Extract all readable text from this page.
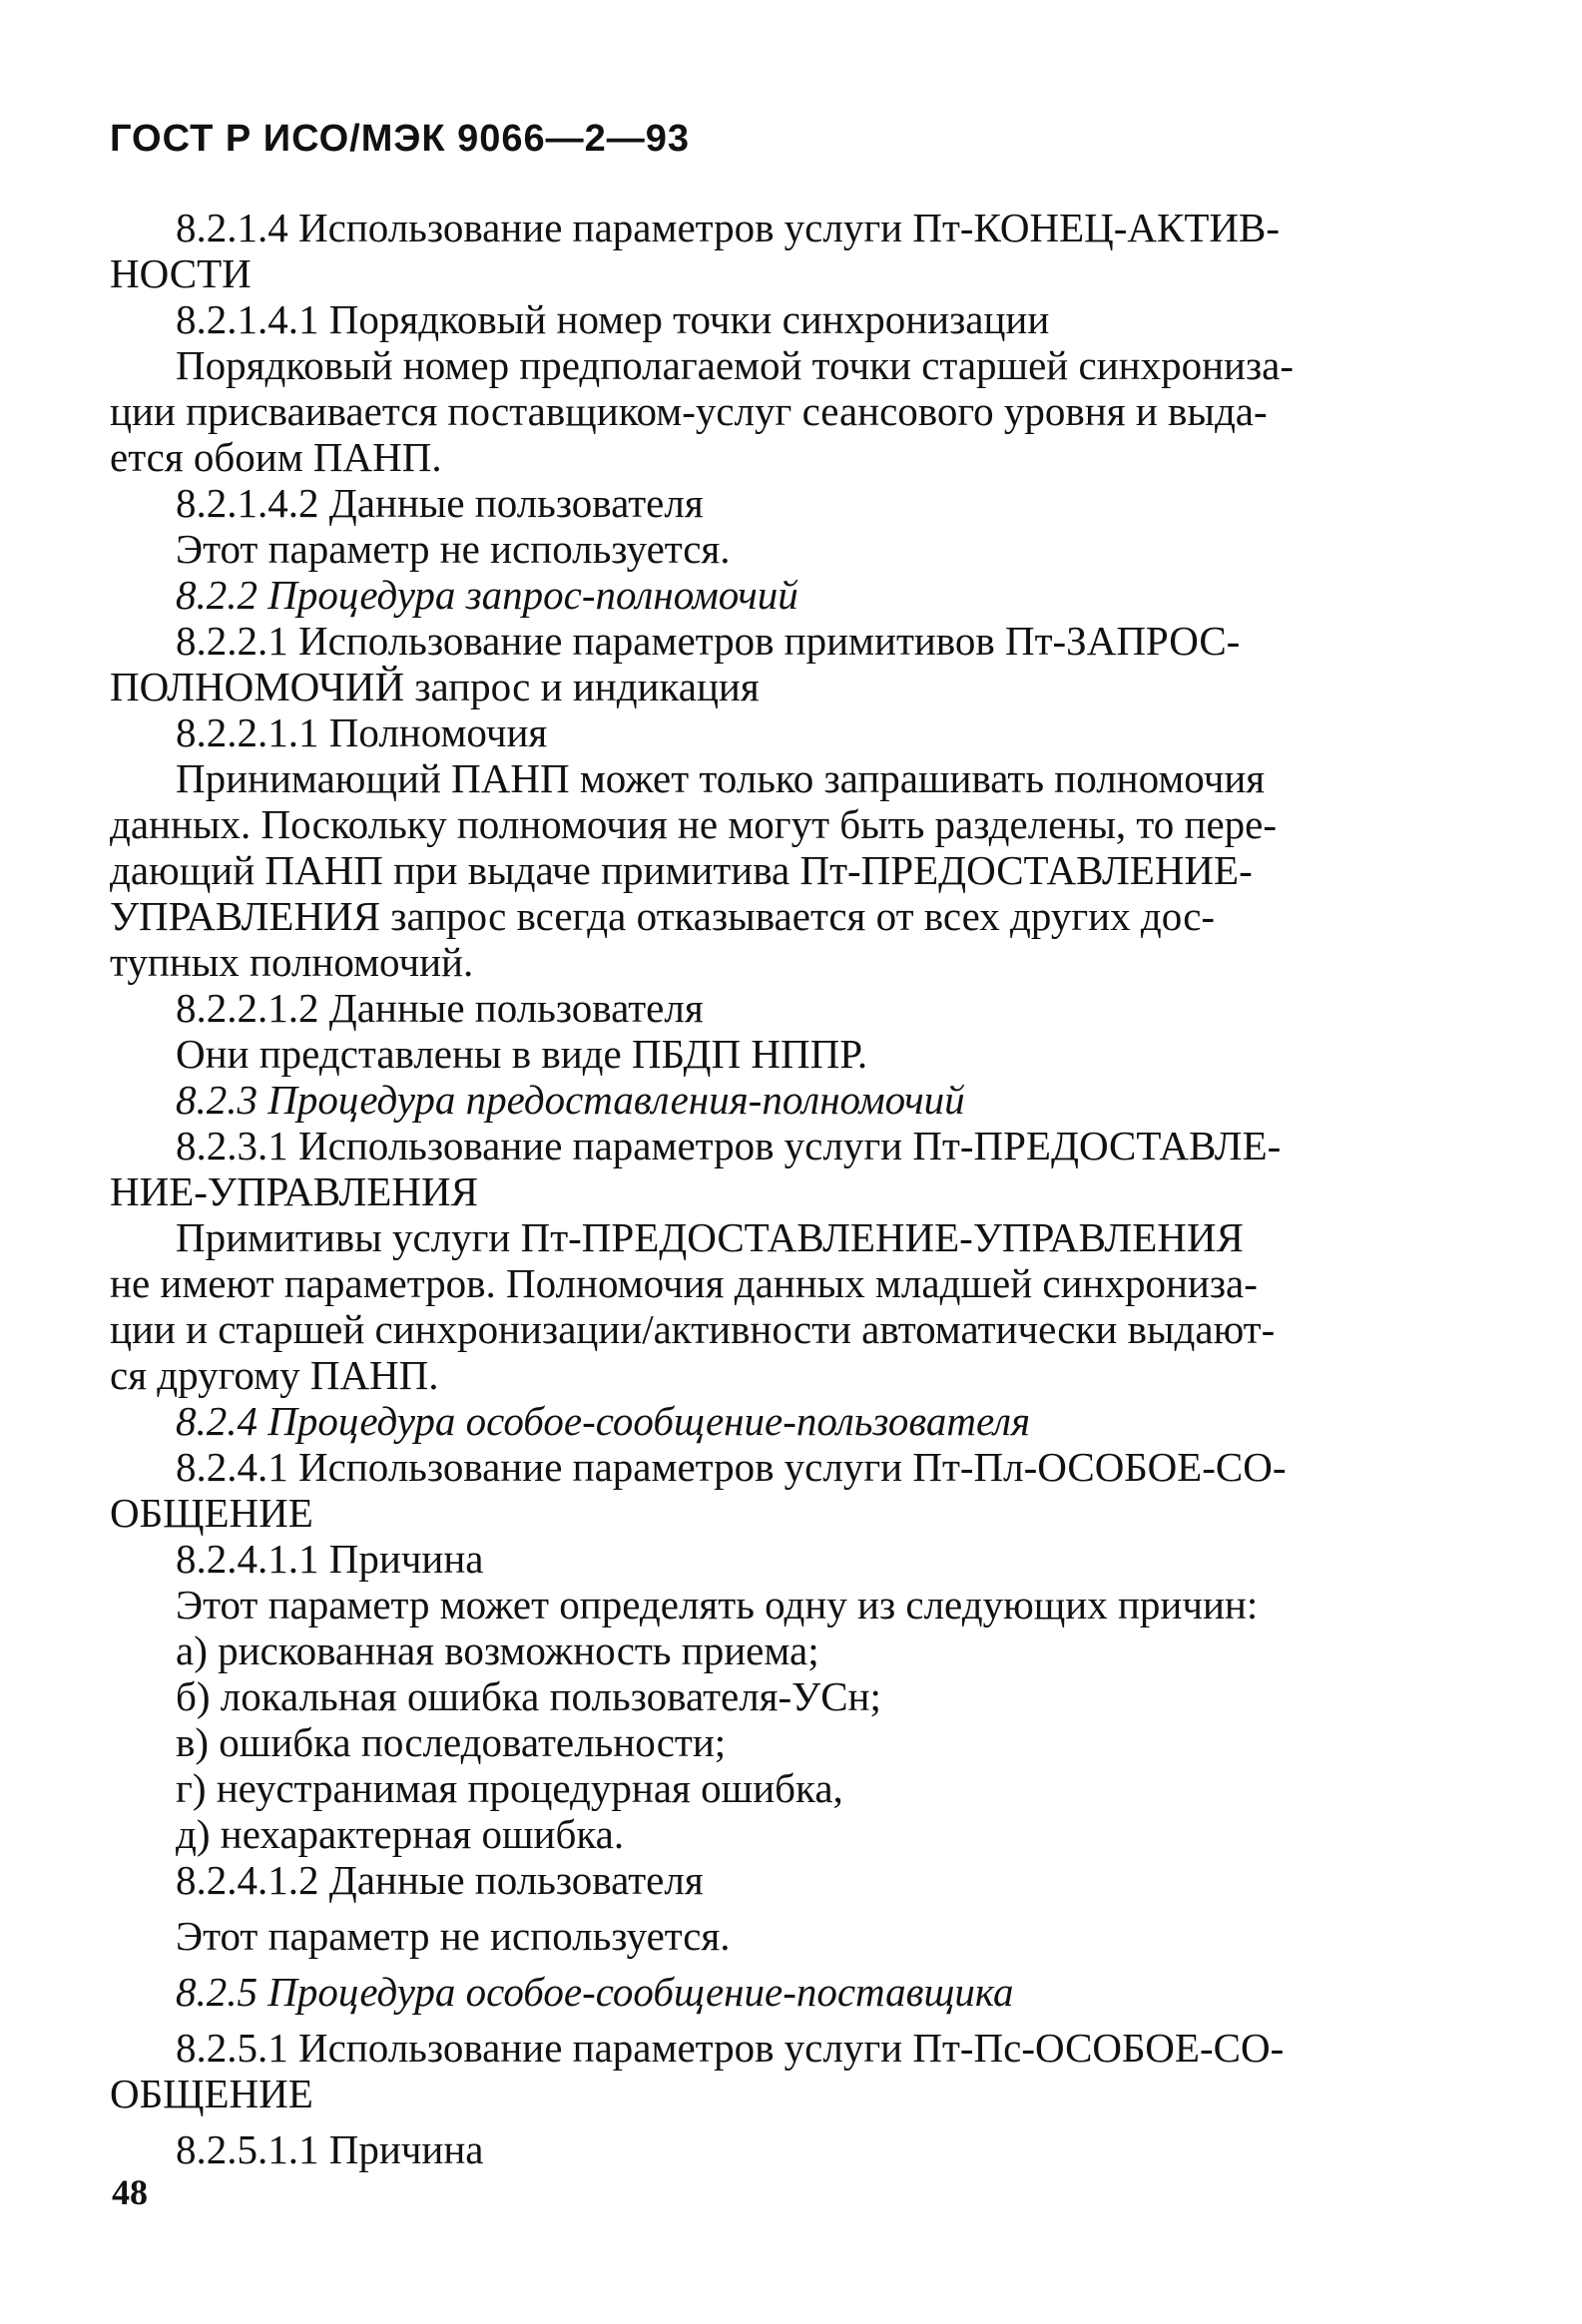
ГОСТ Р ИСО/МЭК 9066—2—93
8.2.1.4 Использование параметров услуги Пт-КОНЕЦ-АКТИВ-
НОСТИ
8.2.1.4.1 Порядковый номер точки синхронизации
Порядковый номер предполагаемой точки старшей синхрониза-
ции присваивается поставщиком-услуг сеансового уровня и выда-
ется обоим ПАНП.
8.2.1.4.2 Данные пользователя
Этот параметр не используется.
8.2.2 Процедура запрос-полномочий
8.2.2.1 Использование параметров примитивов Пт-ЗАПРОС-
ПОЛНОМОЧИЙ запрос и индикация
8.2.2.1.1 Полномочия
Принимающий ПАНП может только запрашивать полномочия
данных. Поскольку полномочия не могут быть разделены, то пере-
дающий ПАНП при выдаче примитива Пт-ПРЕДОСТАВЛЕНИЕ-
УПРАВЛЕНИЯ запрос всегда отказывается от всех других дос-
тупных полномочий.
8.2.2.1.2 Данные пользователя
Они представлены в виде ПБДП НППР.
8.2.3 Процедура предоставления-полномочий
8.2.3.1 Использование параметров услуги Пт-ПРЕДОСТАВЛЕ-
НИЕ-УПРАВЛЕНИЯ
Примитивы услуги Пт-ПРЕДОСТАВЛЕНИЕ-УПРАВЛЕНИЯ
не имеют параметров. Полномочия данных младшей синхрониза-
ции и старшей синхронизации/активности автоматически выдают-
ся другому ПАНП.
8.2.4 Процедура особое-сообщение-пользователя
8.2.4.1 Использование параметров услуги Пт-Пл-ОСОБОЕ-СО-
ОБЩЕНИЕ
8.2.4.1.1 Причина
Этот параметр может определять одну из следующих причин:
а) рискованная возможность приема;
б) локальная ошибка пользователя-УСн;
в) ошибка последовательности;
г) неустранимая процедурная ошибка,
д) нехарактерная ошибка.
8.2.4.1.2 Данные пользователя
Этот параметр не используется.
8.2.5 Процедура особое-сообщение-поставщика
8.2.5.1 Использование параметров услуги Пт-Пс-ОСОБОЕ-СО-
ОБЩЕНИЕ
8.2.5.1.1 Причина
48
